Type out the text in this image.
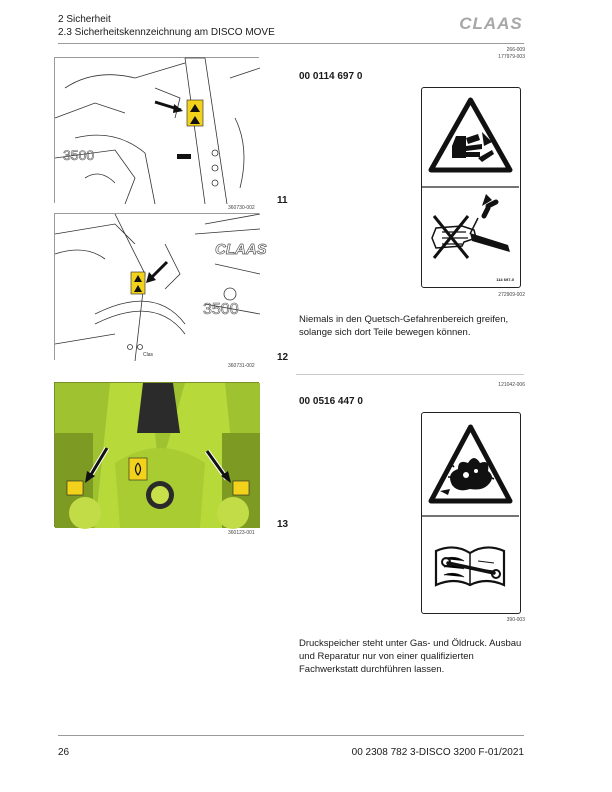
2 Sicherheit
2.3 Sicherheitskennzeichnung am DISCO MOVE	CLAAS
266-009
177979-003
3500
360730-002
11
CLAAS
3500
Clas
360731-002
12
360123-001
13
00 0114 697 0
114 697-0
272909-002
Niemals in den Quetsch-Gefahrenbereich greifen, solange sich dort Teile bewegen können.
121042-006
00 0516 447 0
390-003
Druckspeicher steht unter Gas- und Öldruck. Ausbau und Reparatur nur von einer qualifizierten Fachwerkstatt durchführen lassen.
26	00 2308 782 3-DISCO 3200 F-01/2021
